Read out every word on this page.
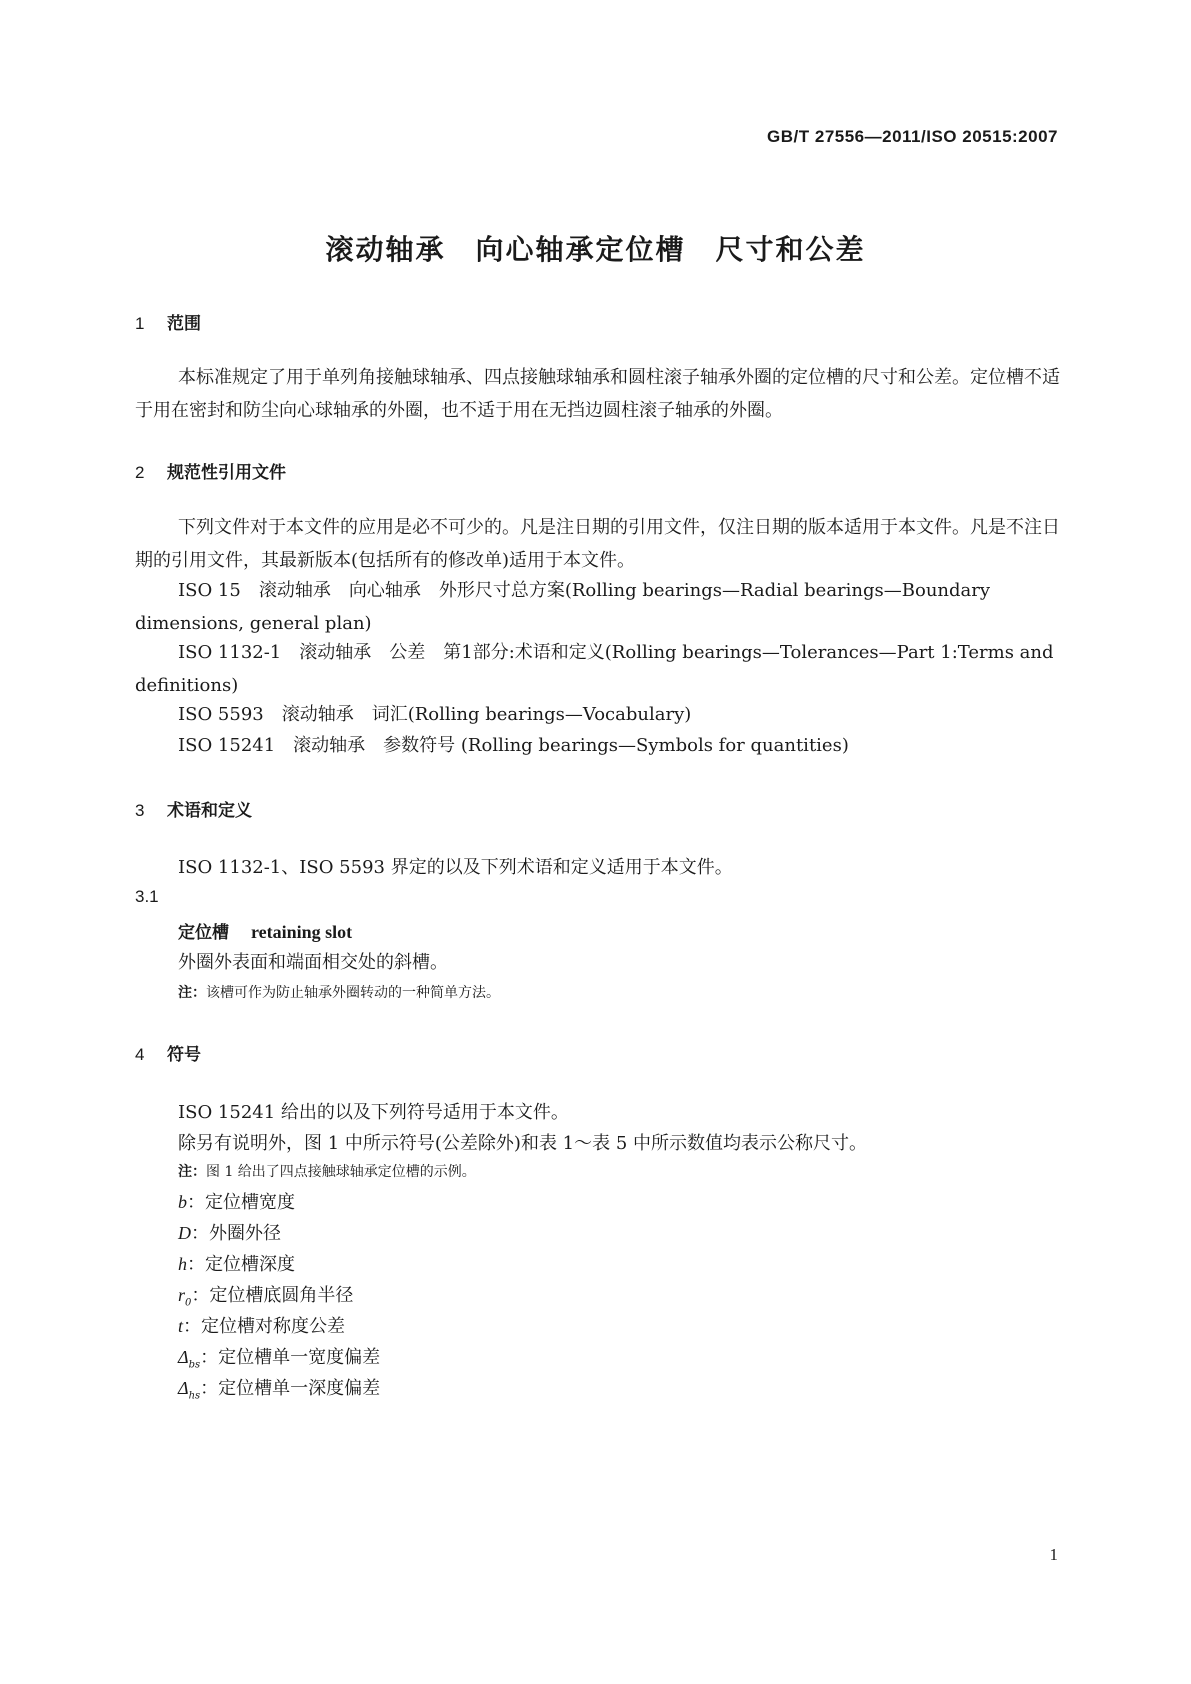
GB/T 27556—2011/ISO 20515:2007
滚动轴承 向心轴承定位槽 尺寸和公差
1 范围
本标准规定了用于单列角接触球轴承、四点接触球轴承和圆柱滚子轴承外圈的定位槽的尺寸和公差。定位槽不适于用在密封和防尘向心球轴承的外圈，也不适于用在无挡边圆柱滚子轴承的外圈。
2 规范性引用文件
下列文件对于本文件的应用是必不可少的。凡是注日期的引用文件，仅注日期的版本适用于本文件。凡是不注日期的引用文件，其最新版本(包括所有的修改单)适用于本文件。
ISO 15　滚动轴承　向心轴承　外形尺寸总方案(Rolling bearings—Radial bearings—Boundary dimensions, general plan)
ISO 1132-1　滚动轴承　公差　第1部分:术语和定义(Rolling bearings—Tolerances—Part 1:Terms and definitions)
ISO 5593　滚动轴承　词汇(Rolling bearings—Vocabulary)
ISO 15241　滚动轴承　参数符号 (Rolling bearings—Symbols for quantities)
3 术语和定义
ISO 1132-1、ISO 5593 界定的以及下列术语和定义适用于本文件。
3.1
定位槽 retaining slot
外圈外表面和端面相交处的斜槽。
注：该槽可作为防止轴承外圈转动的一种简单方法。
4 符号
ISO 15241 给出的以及下列符号适用于本文件。
除另有说明外，图 1 中所示符号(公差除外)和表 1～表 5 中所示数值均表示公称尺寸。
注：图 1 给出了四点接触球轴承定位槽的示例。
b：定位槽宽度
D：外圈外径
h：定位槽深度
$r_0$：定位槽底圆角半径
t：定位槽对称度公差
$\Delta_{bs}$：定位槽单一宽度偏差
$\Delta_{hs}$：定位槽单一深度偏差
1
